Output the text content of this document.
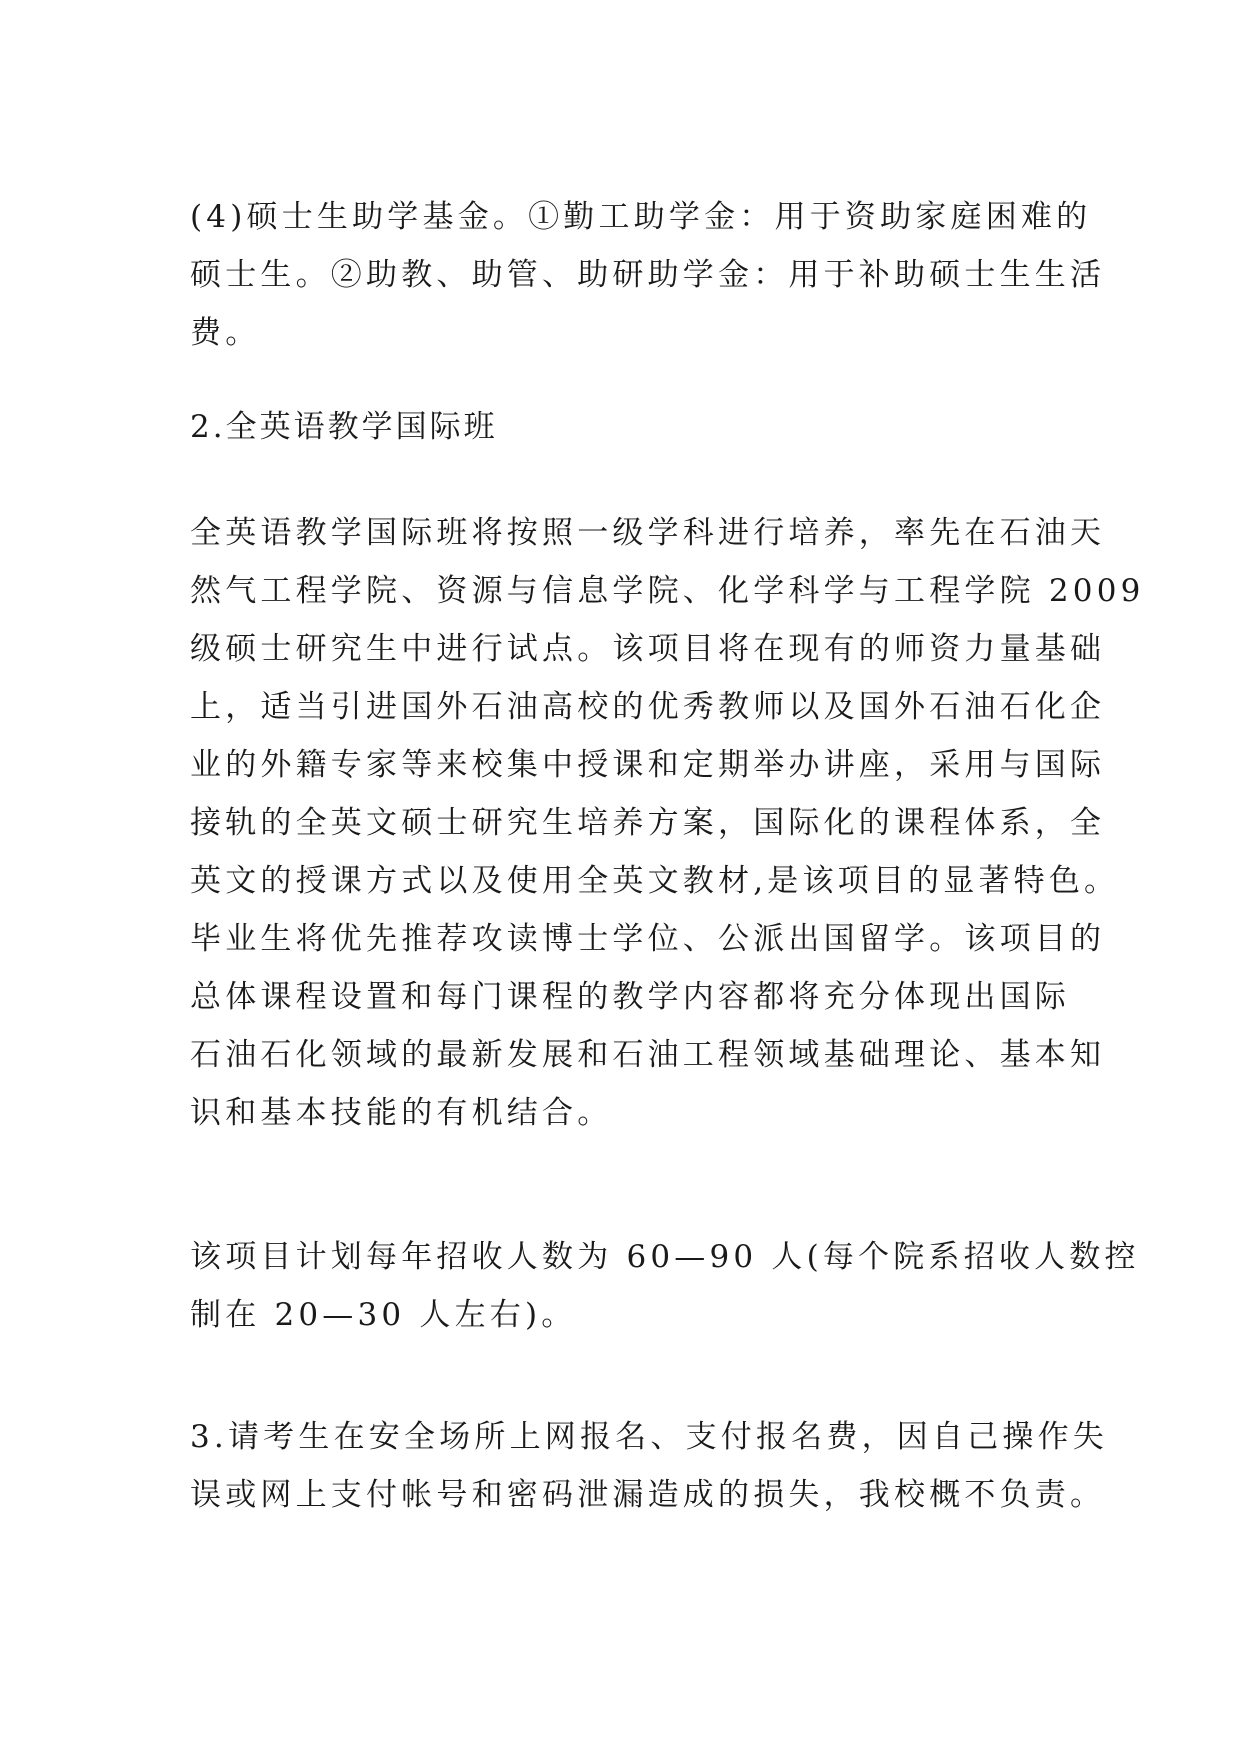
(4)硕士生助学基金。①勤工助学金：用于资助家庭困难的
硕士生。②助教、助管、助研助学金：用于补助硕士生生活
费。
2.全英语教学国际班
全英语教学国际班将按照一级学科进行培养，率先在石油天
然气工程学院、资源与信息学院、化学科学与工程学院 2009
级硕士研究生中进行试点。该项目将在现有的师资力量基础
上，适当引进国外石油高校的优秀教师以及国外石油石化企
业的外籍专家等来校集中授课和定期举办讲座，采用与国际
接轨的全英文硕士研究生培养方案，国际化的课程体系，全
英文的授课方式以及使用全英文教材,是该项目的显著特色。
毕业生将优先推荐攻读博士学位、公派出国留学。该项目的
总体课程设置和每门课程的教学内容都将充分体现出国际
石油石化领域的最新发展和石油工程领域基础理论、基本知
识和基本技能的有机结合。
该项目计划每年招收人数为 60—90 人(每个院系招收人数控
制在 20—30 人左右)。
3.请考生在安全场所上网报名、支付报名费，因自己操作失
误或网上支付帐号和密码泄漏造成的损失，我校概不负责。
